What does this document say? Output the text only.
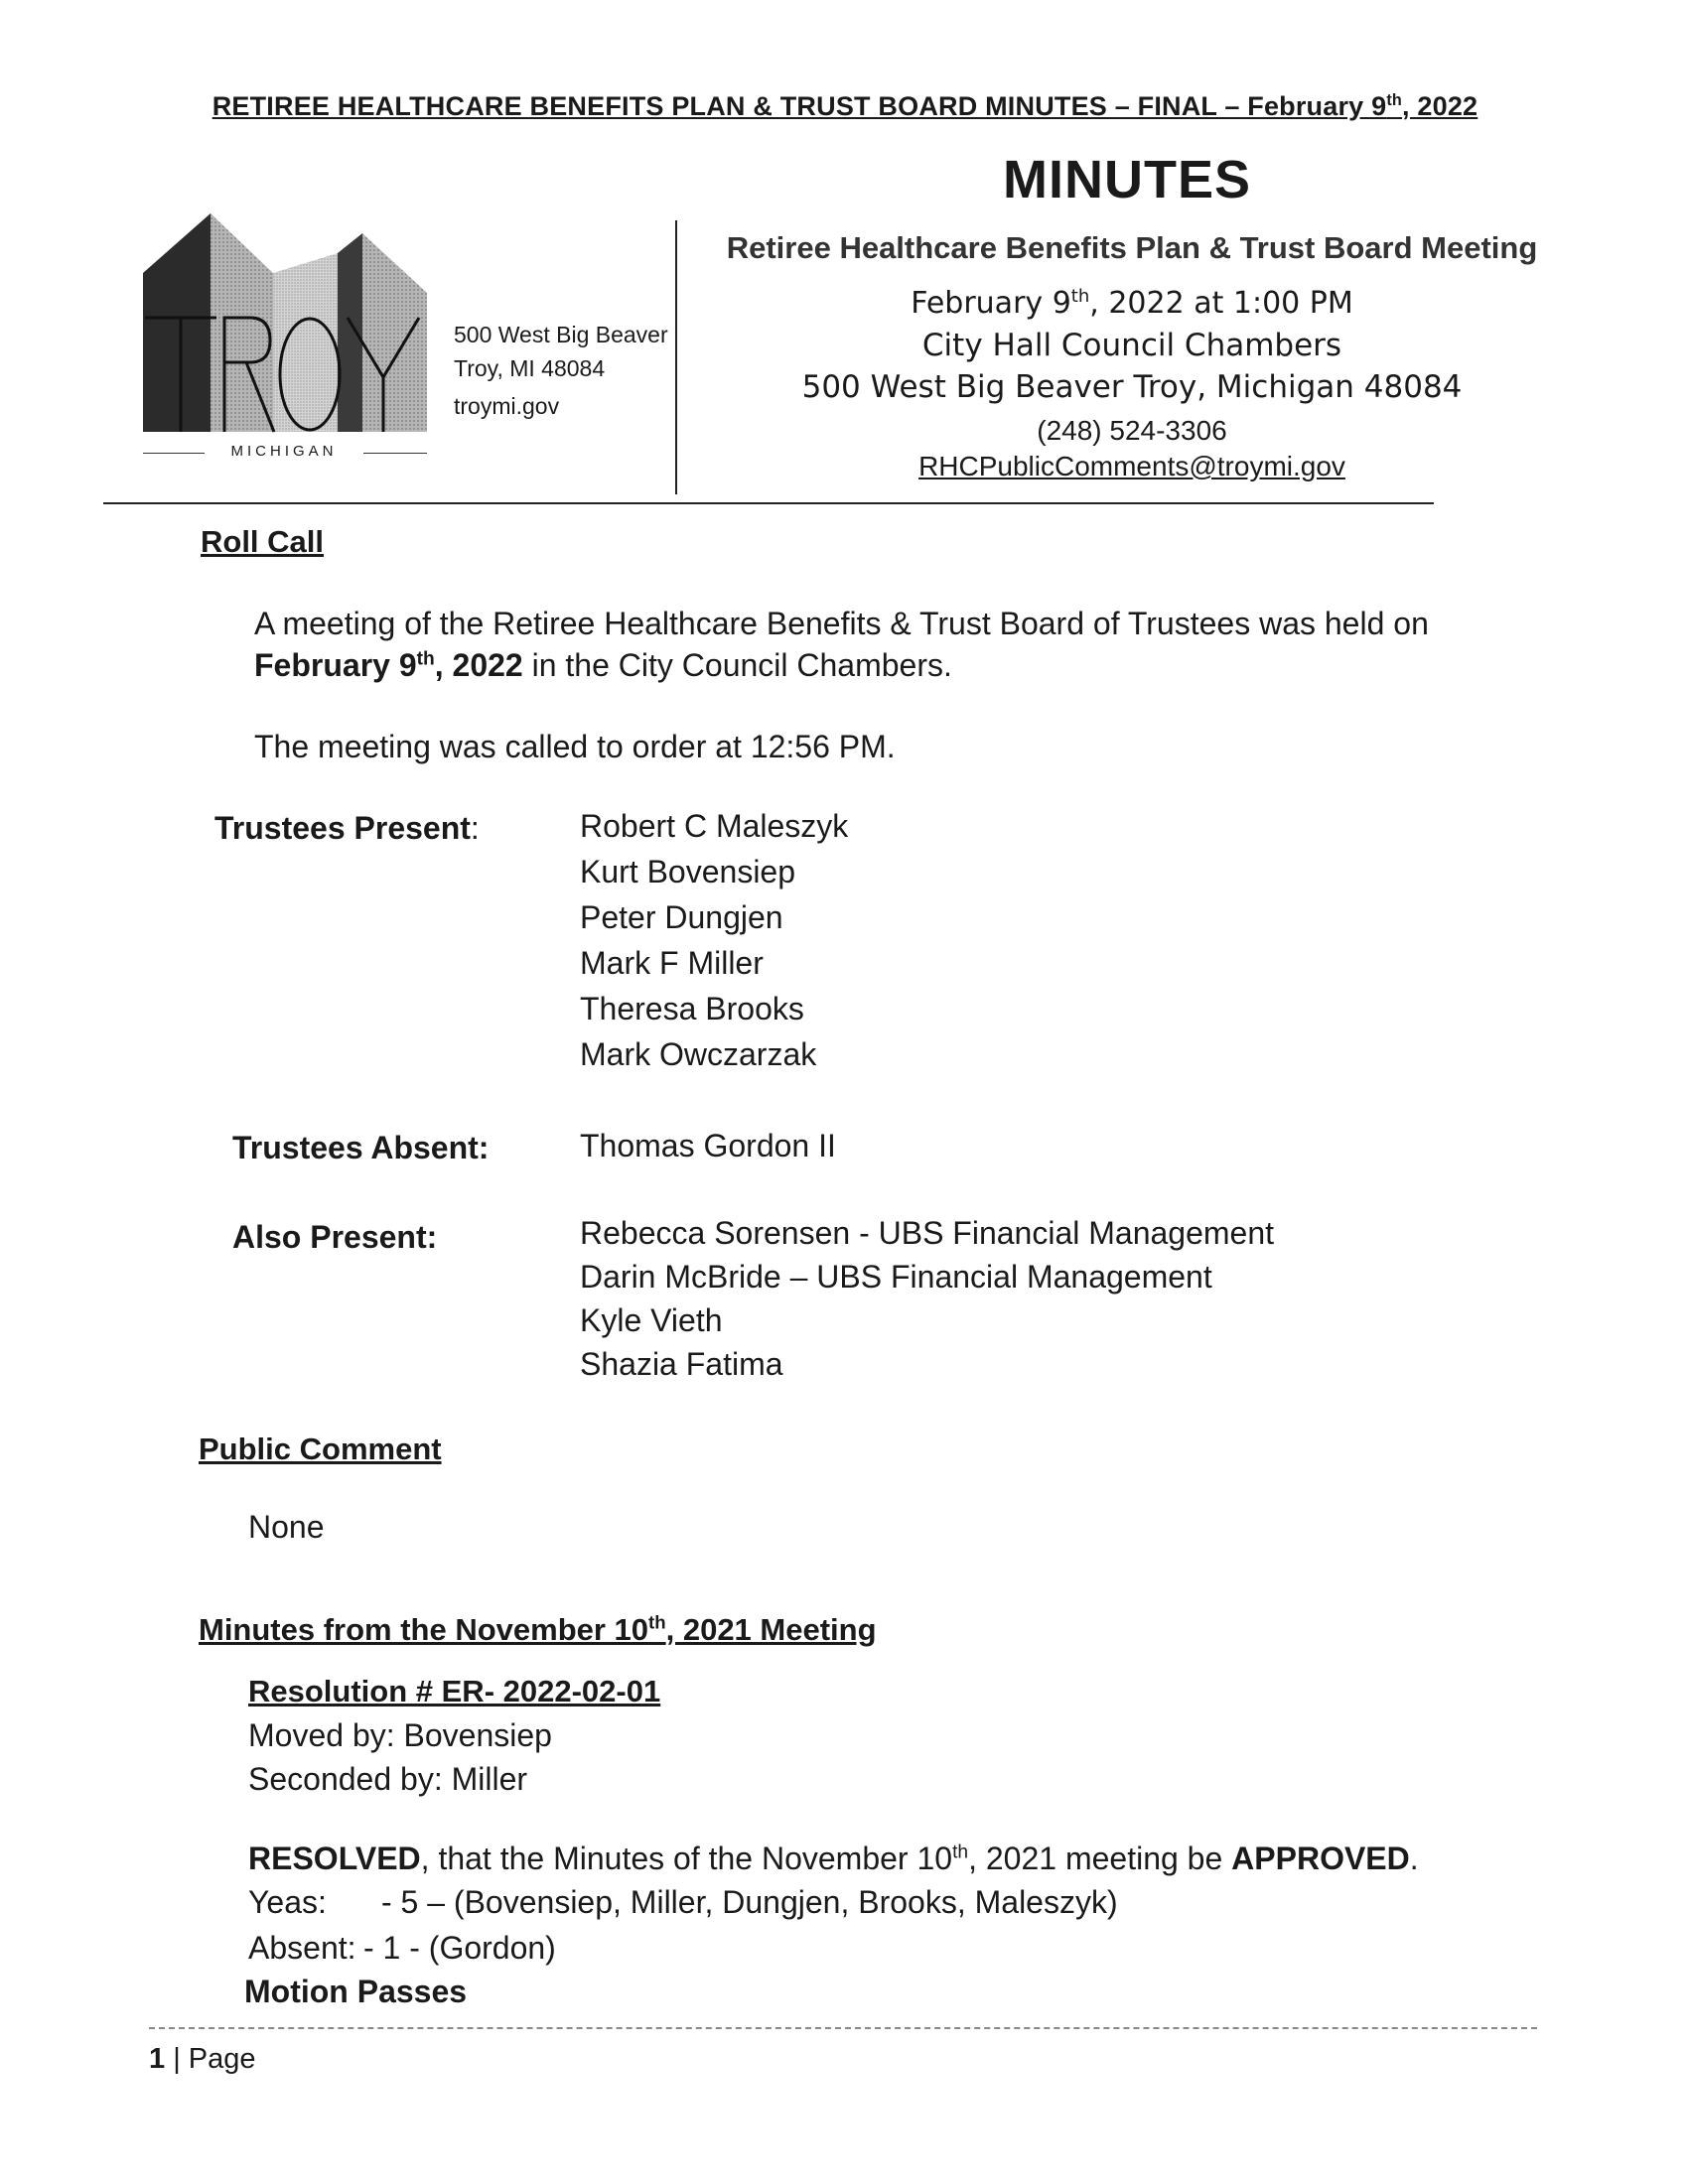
RETIREE HEALTHCARE BENEFITS PLAN & TRUST BOARD MINUTES – FINAL – February 9th, 2022
MINUTES
MICHIGAN
500 West Big Beaver
Troy, MI 48084
troymi.gov
Retiree Healthcare Benefits Plan & Trust Board Meeting
February 9th, 2022 at 1:00 PM
City Hall Council Chambers
500 West Big Beaver Troy, Michigan 48084
(248) 524-3306
RHCPublicComments@troymi.gov
Roll Call
A meeting of the Retiree Healthcare Benefits & Trust Board of Trustees was held on
February 9th, 2022 in the City Council Chambers.
The meeting was called to order at 12:56 PM.
Trustees Present:	Robert C Maleszyk
Kurt Bovensiep
Peter Dungjen
Mark F Miller
Theresa Brooks
Mark Owczarzak
Trustees Absent:	Thomas Gordon II
Also Present:	Rebecca Sorensen - UBS Financial Management
Darin McBride – UBS Financial Management
Kyle Vieth
Shazia Fatima
Public Comment
None
Minutes from the November 10th, 2021 Meeting
Resolution # ER- 2022-02-01
Moved by: Bovensiep
Seconded by: Miller
RESOLVED, that the Minutes of the November 10th, 2021 meeting be APPROVED.
Yeas: - 5 – (Bovensiep, Miller, Dungjen, Brooks, Maleszyk)
Absent: - 1 - (Gordon)
Motion Passes
1 | Page
